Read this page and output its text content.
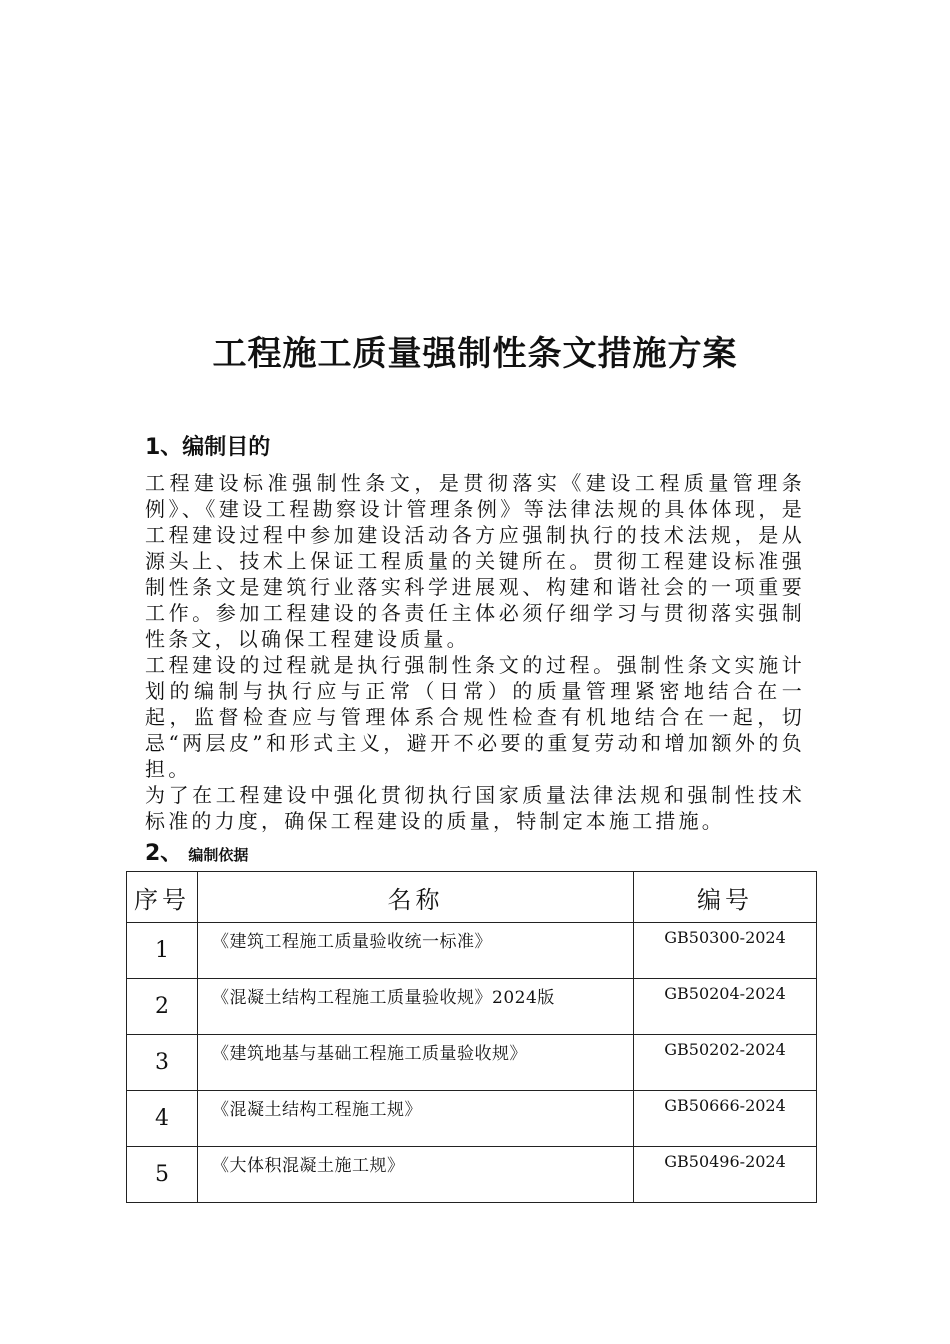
工程施工质量强制性条文措施方案
1、编制目的

工程建设标准强制性条文，是贯彻落实《建设工程质量管理条例》、《建设工程勘察设计管理条例》等法律法规的具体体现，是工程建设过程中参加建设活动各方应强制执行的技术法规，是从源头上、技术上保证工程质量的关键所在。贯彻工程建设标准强制性条文是建筑行业落实科学进展观、构建和谐社会的一项重要工作。参加工程建设的各责任主体必须仔细学习与贯彻落实强制性条文，以确保工程建设质量。

工程建设的过程就是执行强制性条文的过程。强制性条文实施计划的编制与执行应与正常（日常）的质量管理紧密地结合在一起，监督检查应与管理体系合规性检查有机地结合在一起，切忌“两层皮”和形式主义，避开不必要的重复劳动和增加额外的负担。

为了在工程建设中强化贯彻执行国家质量法律法规和强制性技术标准的力度，确保工程建设的质量，特制定本施工措施。

2、 编制依据
序号	名称	编号
1	《建筑工程施工质量验收统一标准》	GB50300-2024
2	《混凝土结构工程施工质量验收规》2024版	GB50204-2024
3	《建筑地基与基础工程施工质量验收规》	GB50202-2024
4	《混凝土结构工程施工规》	GB50666-2024
5	《大体积混凝土施工规》	GB50496-2024
